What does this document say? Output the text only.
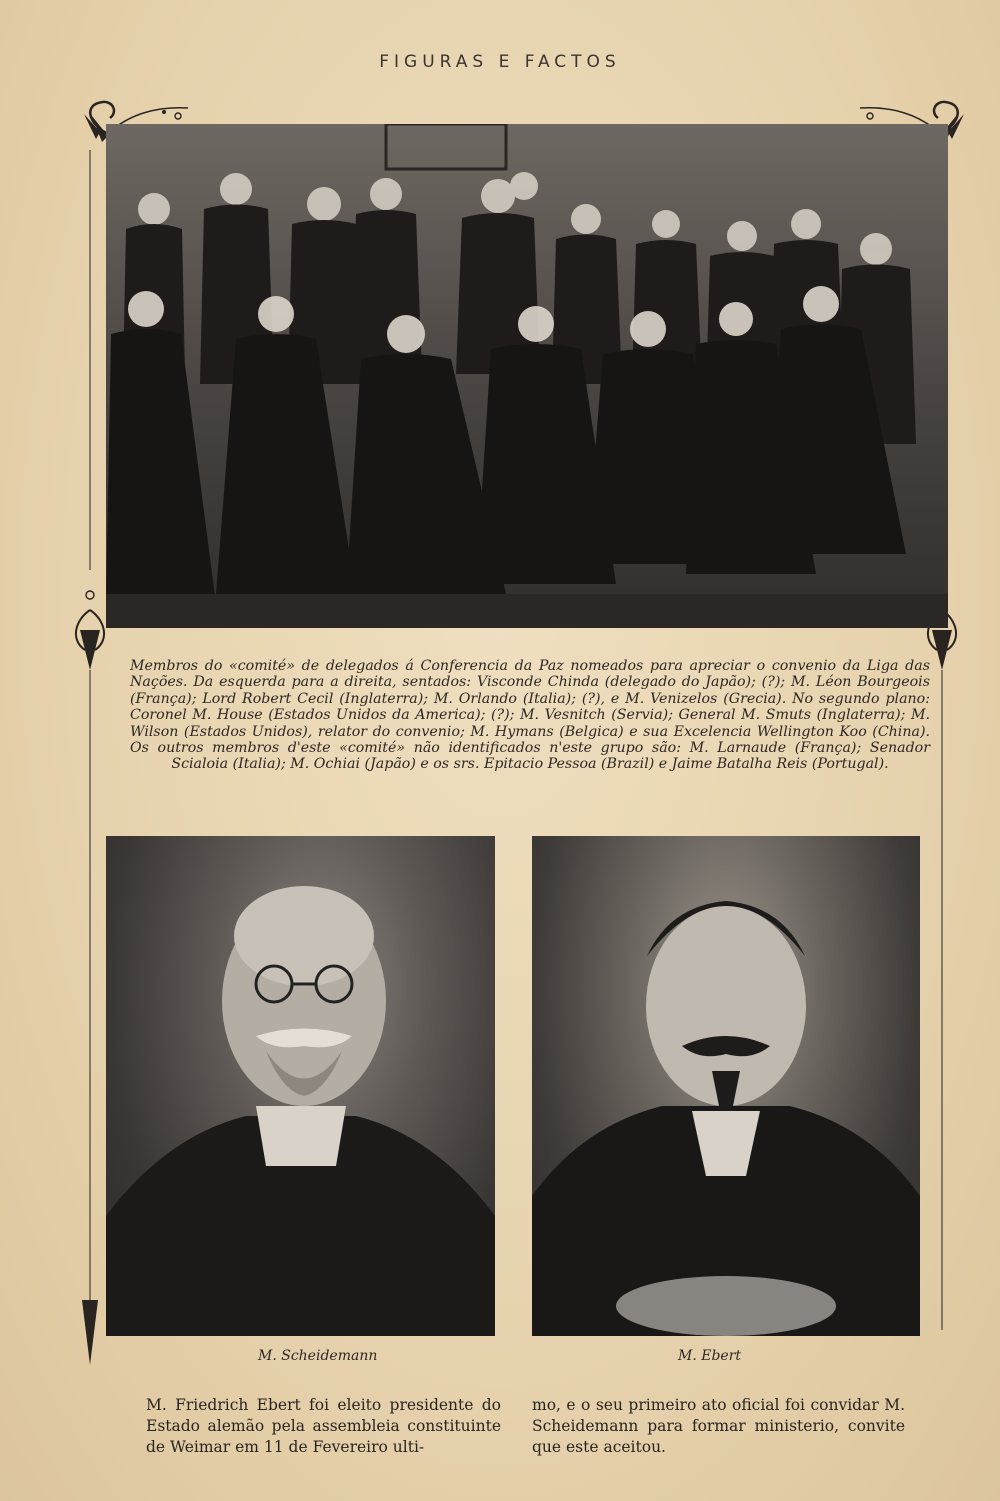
FIGURAS E FACTOS
Membros do «comité» de delegados á Conferencia da Paz nomeados para apreciar o convenio da Liga das Nações. Da esquerda para a direita, sentados: Visconde Chinda (delegado do Japão); (?); M. Léon Bourgeois (França); Lord Robert Cecil (Inglaterra); M. Orlando (Italia); (?), e M. Venizelos (Grecia). No segundo plano: Coronel M. House (Estados Unidos da America); (?); M. Vesnitch (Servia); General M. Smuts (Inglaterra); M. Wilson (Estados Unidos), relator do convenio; M. Hymans (Belgica) e sua Excelencia Wellington Koo (China). Os outros membros d'este «comité» não identificados n'este grupo são: M. Larnaude (França); Senador Scialoia (Italia); M. Ochiai (Japão) e os srs. Epitacio Pessoa (Brazil) e Jaime Batalha Reis (Portugal).
M. Scheidemann	M. Ebert
M. Friedrich Ebert foi eleito presidente do Estado alemão pela assembleia constituinte de Weimar em 11 de Fevereiro ulti-
mo, e o seu primeiro ato oficial foi convidar M. Scheidemann para formar ministerio, convite que este aceitou.
